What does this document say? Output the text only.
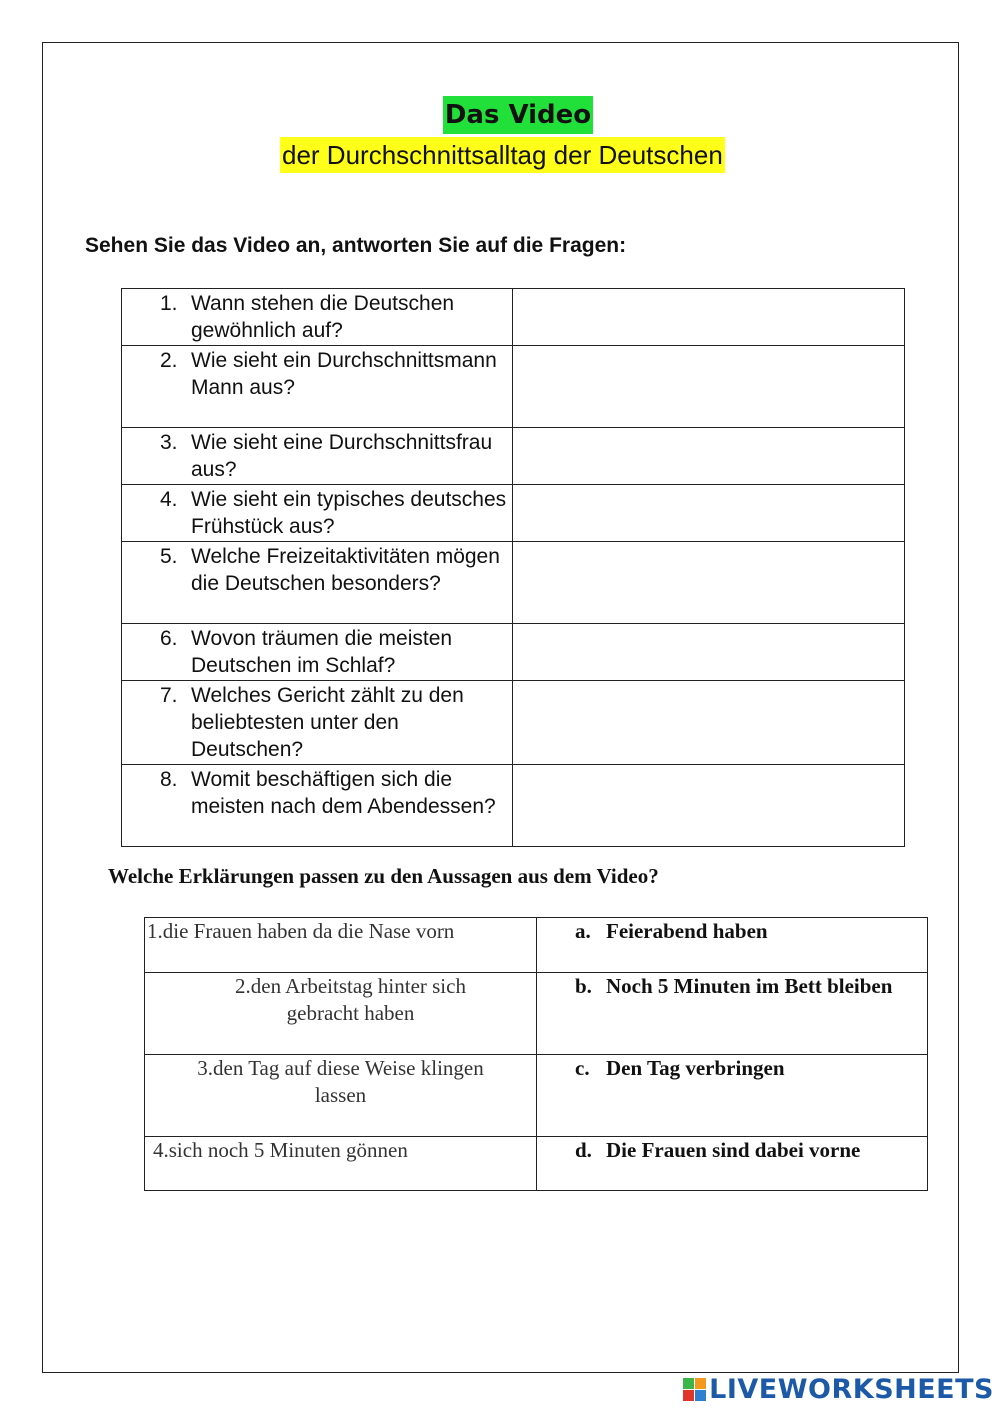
Das Video
der Durchschnittsalltag der Deutschen
Sehen Sie das Video an, antworten Sie auf die Fragen:
1. Wann stehen die Deutschen gewöhnlich auf?	

2. Wie sieht ein Durchschnittsmann Mann aus?	

3. Wie sieht eine Durchschnittsfrau aus?	

4. Wie sieht ein typisches deutsches Frühstück aus?	

5. Welche Freizeitaktivitäten mögen die Deutschen besonders?	

6. Wovon träumen die meisten Deutschen im Schlaf?	

7. Welches Gericht zählt zu den beliebtesten unter den Deutschen?	

8. Womit beschäftigen sich die meisten nach dem Abendessen?	

Welche Erklärungen passen zu den Aussagen aus dem Video?
1.die Frauen haben da die Nase vorn	a. Feierabend haben

2.den Arbeitstag hinter sich gebracht haben	b. Noch 5 Minuten im Bett bleiben

3.den Tag auf diese Weise klingen lassen	c. Den Tag verbringen

4.sich noch 5 Minuten gönnen	d. Die Frauen sind dabei vorne
LIVEWORKSHEETS
